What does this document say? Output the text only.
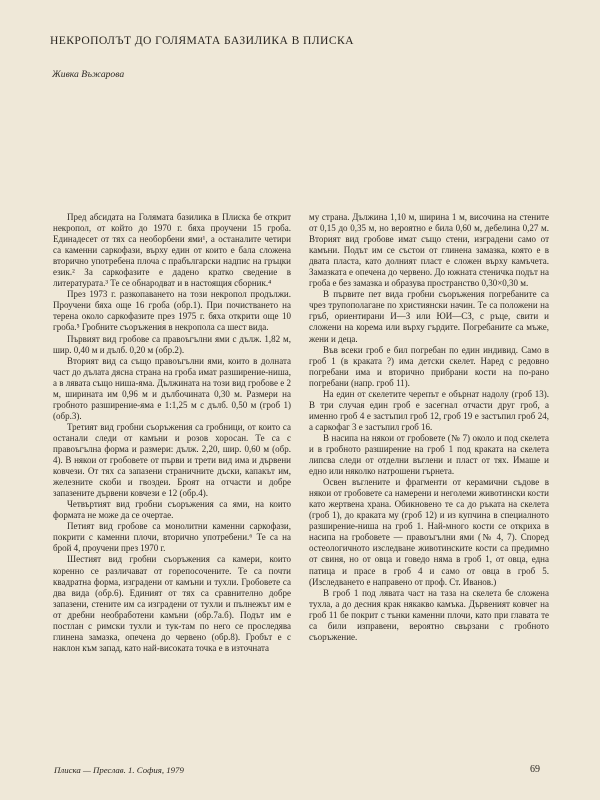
НЕКРОПОЛЪТ ДО ГОЛЯМАТА БАЗИЛИКА В ПЛИСКА
Живка Въжарова

Пред абсидата на Голямата базилика в Плиска бе открит некропол, от който до 1970 г. бяха проучени 15 гроба. Единадесет от тях са необорбени ями¹, а останалите четири са каменни саркофази, върху един от които е бала сложена вторично употребена плоча с прабългарски надпис на гръцки език.² За саркофазите е дадено кратко сведение в литературата.³ Те се обнародват и в настоящия сборник.⁴

През 1973 г. разкопаването на този некропол продължи. Проучени бяха още 16 гроба (обр.1). При почистването на терена около саркофазите през 1975 г. бяха открити още 10 гроба.⁵ Гробните съоръжения в некропола са шест вида.

Първият вид гробове са правоъгълни ями с дълж. 1,82 м, шир. 0,40 м и дълб. 0,20 м (обр.2).

Вторият вид са също правоъгълни ями, които в долната част до дълата дясна страна на гроба имат разширение-ниша, а в лявата също ниша-яма. Дължината на този вид гробове е 2 м, ширината им 0,96 м и дълбочината 0,30 м. Размери на гробното разширение-яма е 1:1,25 м с дълб. 0,50 м (гроб 1) (обр.3).

Третият вид гробни съоръжения са гробници, от които са останали следи от камъни и розов хоросан. Те са с правоъгълна форма и размери: дълж. 2,20, шир. 0,60 м (обр. 4). В някои от гробовете от първи и трети вид има и дървени ковчези. От тях са запазени страничните дъски, капакът им, железните скоби и гвоздеи. Броят на отчасти и добре запазените дървени ковчези е 12 (обр.4).

Четвъртият вид гробни съоръжения са ями, на които формата не може да се очертае.

Петият вид гробове са монолитни каменни саркофази, покрити с каменни плочи, вторично употребени.⁶ Те са на брой 4, проучени през 1970 г.

Шестият вид гробни съоръжения са камери, които коренно се различават от горепосочените. Те са почти квадратна форма, изградени от камъни и тухли. Гробовете са два вида (обр.6). Единият от тях са сравнително добре запазени, стените им са изградени от тухли и пълнежът им е от дребни необработени камъни (обр.7а.б). Подът им е постлан с римски тухли и тук-там по него се проследява глинена замазка, опечена до червено (обр.8). Гробът е с наклон към запад, като най-високата точка е в източната

му страна. Дължина 1,10 м, ширина 1 м, височина на стените от 0,15 до 0,35 м, но вероятно е била 0,60 м, дебелина 0,27 м. Вторият вид гробове имат също стени, изградени само от камъни. Подът им се състои от глинена замазка, която е в двата пласта, като долният пласт е сложен върху камъчета. Замазката е опечена до червено. До южната стеничка подът на гроба е без замазка и образува пространство 0,30×0,30 м.

В първите пет вида гробни съоръжения погребаните са чрез трупополагане по християнски начин. Те са положени на гръб, ориентирани И—З или ЮИ—СЗ, с ръце, свити и сложени на корема или върху гърдите. Погребаните са мъже, жени и деца.

Във всеки гроб е бил погребан по един индивид. Само в гроб 1 (в краката ?) има детски скелет. Наред с редовно погребани има и вторично прибрани кости на по-рано погребани (напр. гроб 11).

На един от скелетите черепът е обърнат надолу (гроб 13). В три случая един гроб е засегнал отчасти друг гроб, а именно гроб 4 е застъпил гроб 12, гроб 19 е застъпил гроб 24, а саркофаг 3 е застъпил гроб 16.

В насипа на някои от гробовете (№ 7) около и под скелета и в гробното разширение на гроб 1 под краката на скелета липсва следи от отделни въглени и пласт от тях. Имаше и едно или няколко натрошени гърнета.

Освен въглените и фрагменти от керамични съдове в някои от гробовете са намерени и неголеми животински кости като жертвена храна. Обикновено те са до ръката на скелета (гроб 1), до краката му (гроб 12) и из купчина в специалното разширение-ниша на гроб 1. Най-много кости се откриха в насипа на гробовете — правоъгълни ями (№ 4, 7). Според остеологичното изследване животинските кости са предимно от свиня, но от овца и говедо няма в гроб 1, от овца, една патица и прасе в гроб 4 и само от овца в гроб 5. (Изследването е направено от проф. Ст. Иванов.)

В гроб 1 под лявата част на таза на скелета бе сложена тухла, а до десния крак някакво камъка. Дървеният ковчег на гроб 11 бе покрит с тънки каменни плочи, като при главата те са били изправени, вероятно свързани с гробното съоръжение.

Плиска — Преслав. 1. София, 1979	69
